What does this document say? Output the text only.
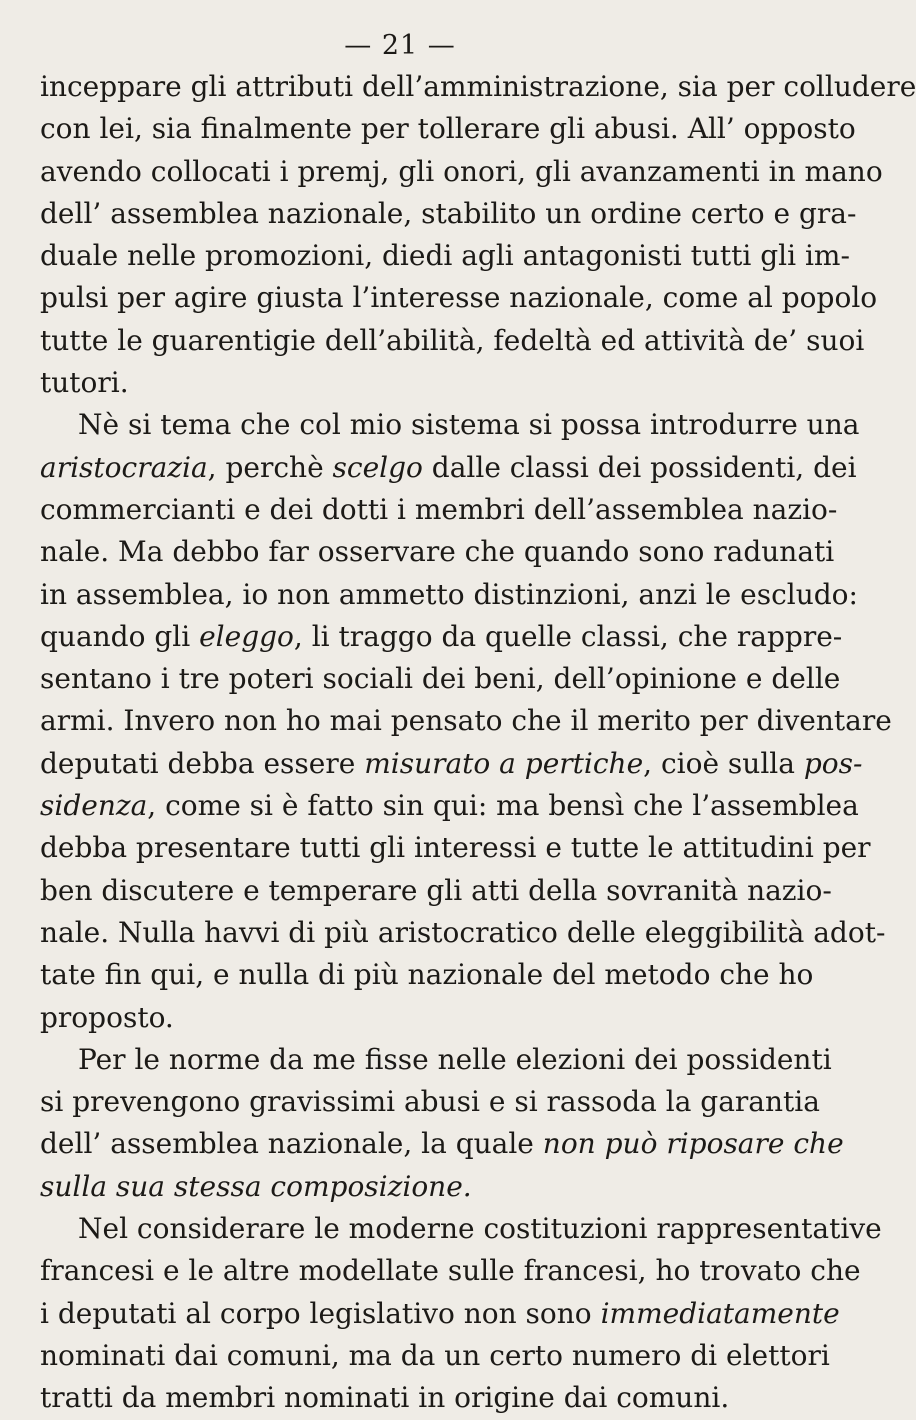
— 21 —
inceppare gli attributi dell’amministrazione, sia per colludere
con lei, sia finalmente per tollerare gli abusi. All’ opposto
avendo collocati i premj, gli onori, gli avanzamenti in mano
dell’ assemblea nazionale, stabilito un ordine certo e gra-
duale nelle promozioni, diedi agli antagonisti tutti gli im-
pulsi per agire giusta l’interesse nazionale, come al popolo
tutte le guarentigie dell’abilità, fedeltà ed attività de’ suoi
tutori.
Nè si tema che col mio sistema si possa introdurre una
aristocrazia, perchè scelgo dalle classi dei possidenti, dei
commercianti e dei dotti i membri dell’assemblea nazio-
nale. Ma debbo far osservare che quando sono radunati
in assemblea, io non ammetto distinzioni, anzi le escludo:
quando gli eleggo, li traggo da quelle classi, che rappre-
sentano i tre poteri sociali dei beni, dell’opinione e delle
armi. Invero non ho mai pensato che il merito per diventare
deputati debba essere misurato a pertiche, cioè sulla pos-
sidenza, come si è fatto sin qui: ma bensì che l’assemblea
debba presentare tutti gli interessi e tutte le attitudini per
ben discutere e temperare gli atti della sovranità nazio-
nale. Nulla havvi di più aristocratico delle eleggibilità adot-
tate fin qui, e nulla di più nazionale del metodo che ho
proposto.
Per le norme da me fisse nelle elezioni dei possidenti
si prevengono gravissimi abusi e si rassoda la garantia
dell’ assemblea nazionale, la quale non può riposare che
sulla sua stessa composizione.
Nel considerare le moderne costituzioni rappresentative
francesi e le altre modellate sulle francesi, ho trovato che
i deputati al corpo legislativo non sono immediatamente
nominati dai comuni, ma da un certo numero di elettori
tratti da membri nominati in origine dai comuni.
